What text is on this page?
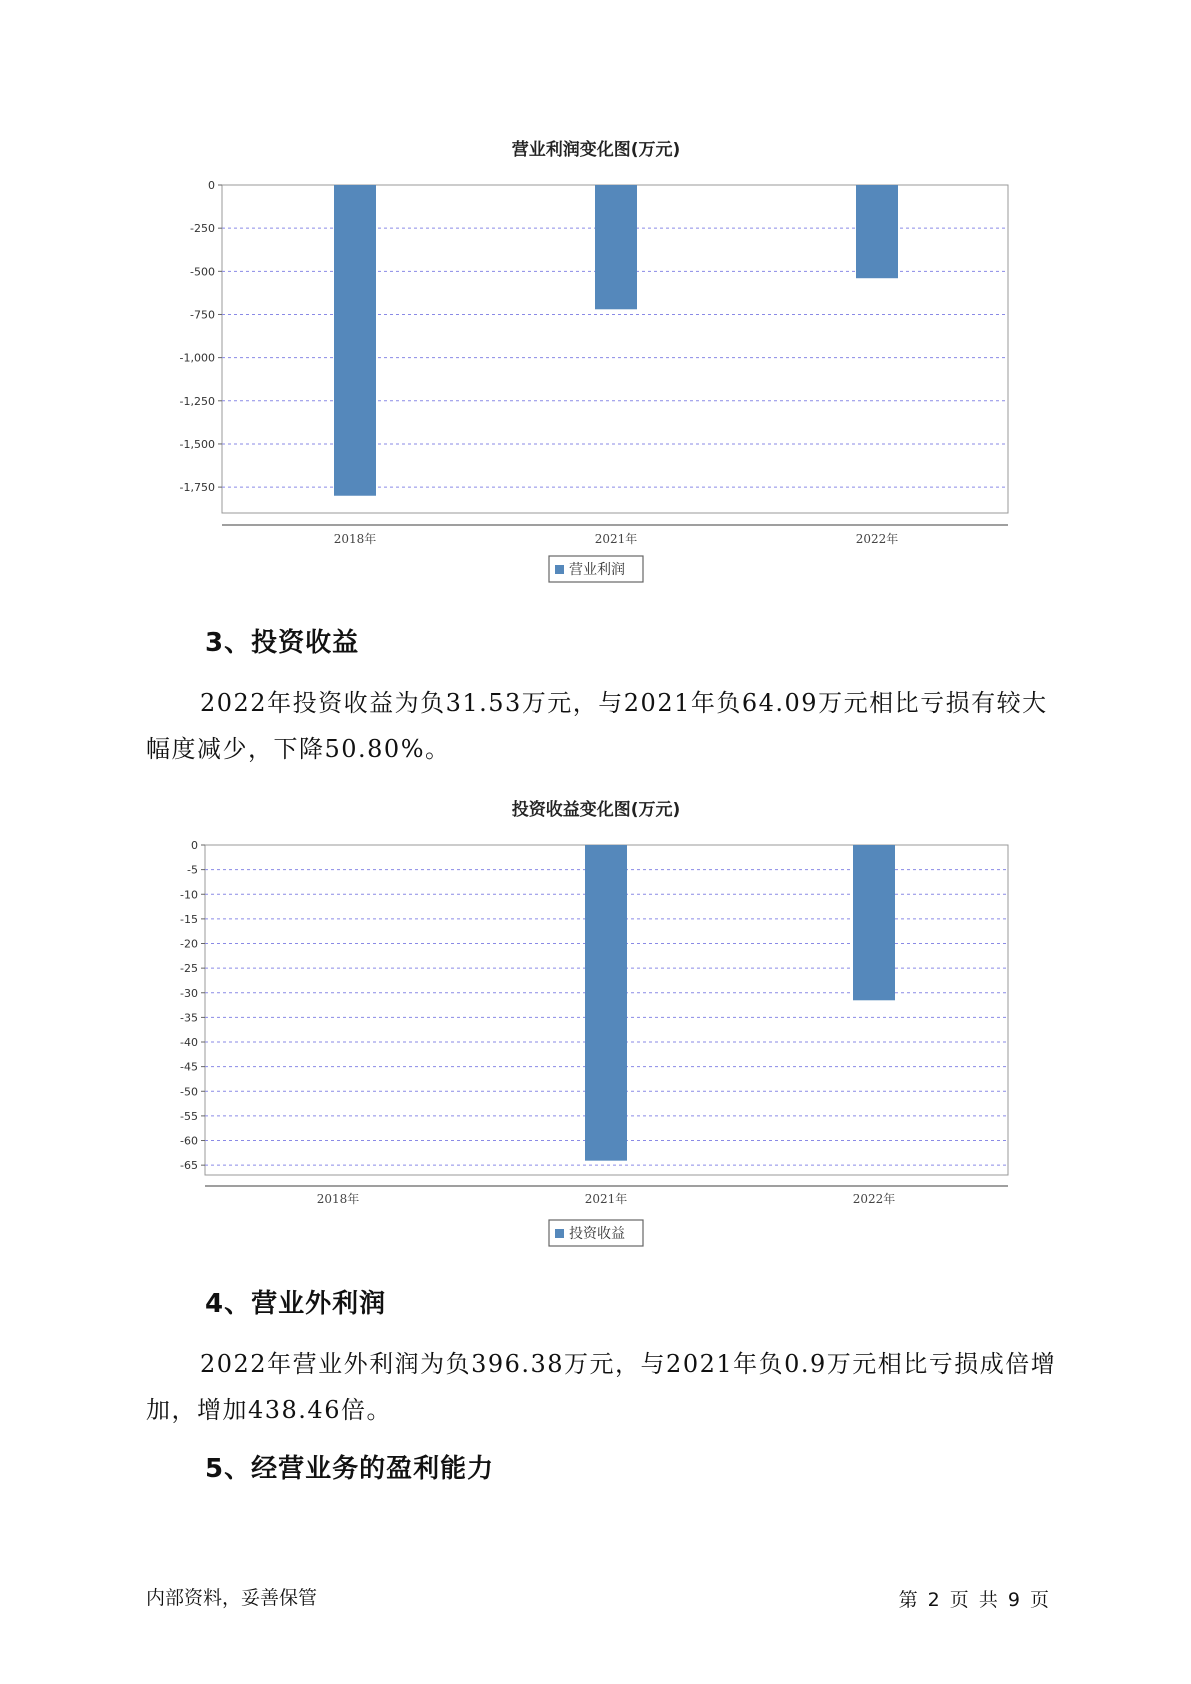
营业利润变化图(万元)
0
-250
-500
-750
-1,000
-1,250
-1,500
-1,750
2018年	2021年	2022年
营业利润
3、投资收益

2022年投资收益为负31.53万元，与2021年负64.09万元相比亏损有较大幅度减少，下降50.80%。

投资收益变化图(万元)
0
-5
-10
-15
-20
-25
-30
-35
-40
-45
-50
-55
-60
-65
2018年	2021年	2022年
投资收益
4、营业外利润

2022年营业外利润为负396.38万元，与2021年负0.9万元相比亏损成倍增加，增加438.46倍。

5、经营业务的盈利能力
内部资料，妥善保管	第 2 页 共 9 页
